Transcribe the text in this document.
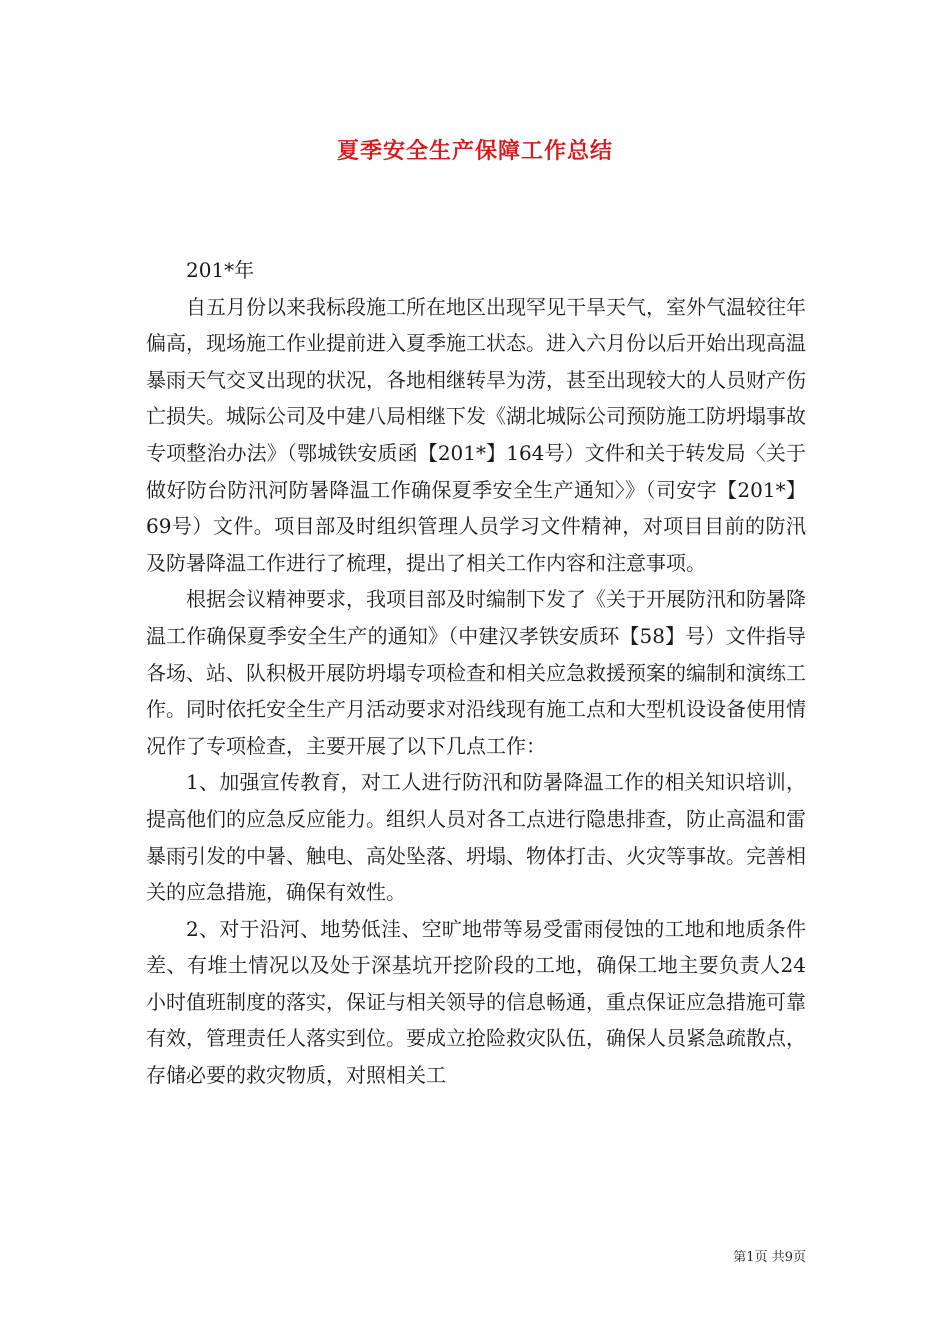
夏季安全生产保障工作总结

201*年

自五月份以来我标段施工所在地区出现罕见干旱天气，室外气温较往年偏高，现场施工作业提前进入夏季施工状态。进入六月份以后开始出现高温暴雨天气交叉出现的状况，各地相继转旱为涝，甚至出现较大的人员财产伤亡损失。城际公司及中建八局相继下发《湖北城际公司预防施工防坍塌事故专项整治办法》（鄂城铁安质函【201*】164号）文件和关于转发局〈关于做好防台防汛河防暑降温工作确保夏季安全生产通知〉》（司安字【201*】69号）文件。项目部及时组织管理人员学习文件精神，对项目目前的防汛及防暑降温工作进行了梳理，提出了相关工作内容和注意事项。

根据会议精神要求，我项目部及时编制下发了《关于开展防汛和防暑降温工作确保夏季安全生产的通知》（中建汉孝铁安质环【58】号）文件指导各场、站、队积极开展防坍塌专项检查和相关应急救援预案的编制和演练工作。同时依托安全生产月活动要求对沿线现有施工点和大型机设设备使用情况作了专项检查，主要开展了以下几点工作：

1、加强宣传教育，对工人进行防汛和防暑降温工作的相关知识培训，提高他们的应急反应能力。组织人员对各工点进行隐患排查，防止高温和雷暴雨引发的中暑、触电、高处坠落、坍塌、物体打击、火灾等事故。完善相关的应急措施，确保有效性。

2、对于沿河、地势低洼、空旷地带等易受雷雨侵蚀的工地和地质条件差、有堆土情况以及处于深基坑开挖阶段的工地，确保工地主要负责人24小时值班制度的落实，保证与相关领导的信息畅通，重点保证应急措施可靠有效，管理责任人落实到位。要成立抢险救灾队伍，确保人员紧急疏散点，存储必要的救灾物质，对照相关工

第1页 共9页
